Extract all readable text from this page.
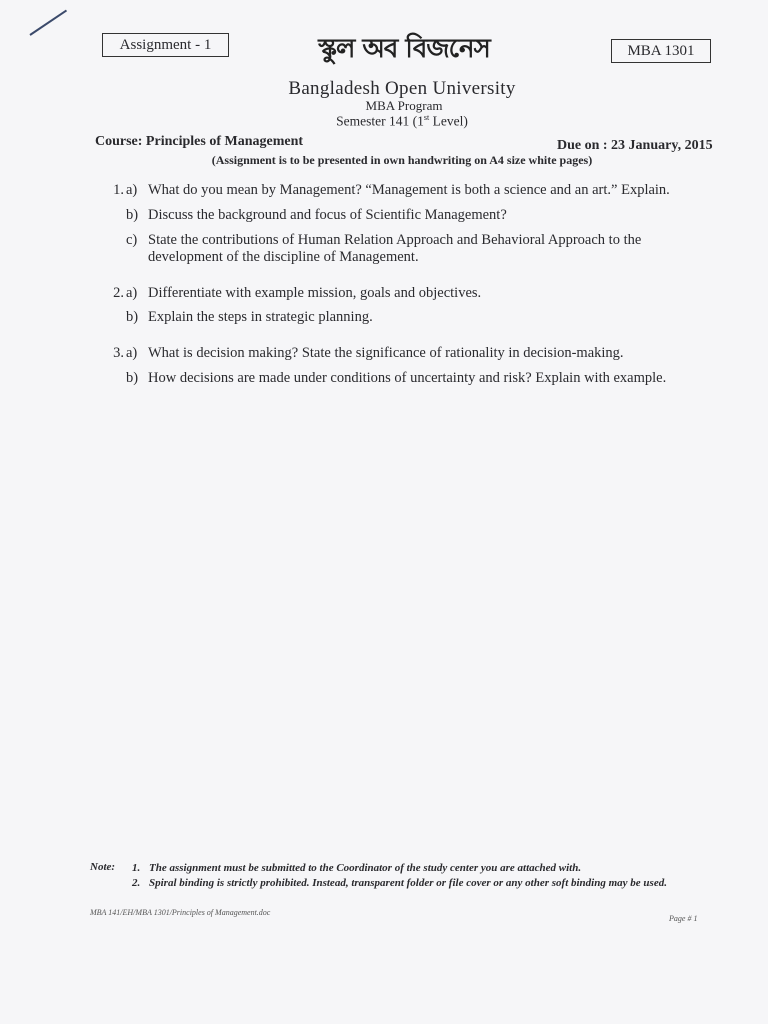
Assignment - 1	স্কুল অব বিজনেস	MBA 1301
Bangladesh Open University
MBA Program
Semester 141 (1st Level)
Course: Principles of Management	Due on : 23 January, 2015
(Assignment is to be presented in own handwriting on A4 size white pages)
1. a) What do you mean by Management? “Management is both a science and an art.” Explain.
b) Discuss the background and focus of Scientific Management?
c) State the contributions of Human Relation Approach and Behavioral Approach to the development of the discipline of Management.
2. a) Differentiate with example mission, goals and objectives.
b) Explain the steps in strategic planning.
3. a) What is decision making? State the significance of rationality in decision-making.
b) How decisions are made under conditions of uncertainty and risk? Explain with example.
Note: 1. The assignment must be submitted to the Coordinator of the study center you are attached with.
2. Spiral binding is strictly prohibited. Instead, transparent folder or file cover or any other soft binding may be used.
MBA 141/EH/MBA 1301/Principles of Management.doc
Page # 1
